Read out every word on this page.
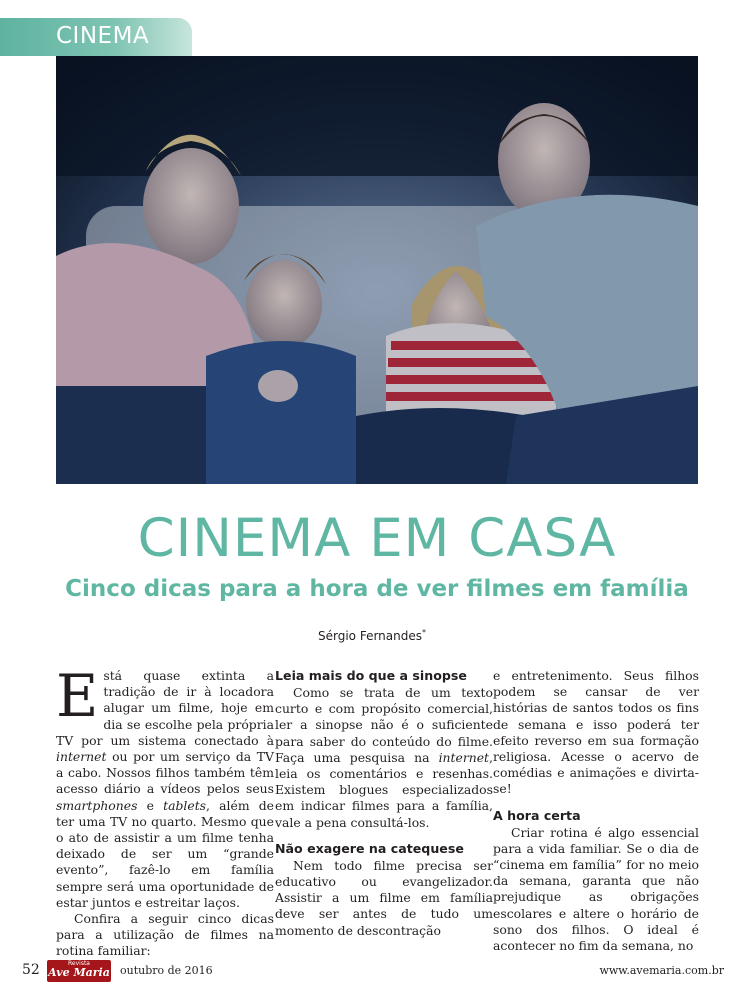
CINEMA
CINEMA EM CASA
Cinco dicas para a hora de ver filmes em família
Sérgio Fernandes*

Está quase extinta a tradição de ir à locadora alugar um filme, hoje em dia se escolhe pela própria TV por um sistema conectado à internet ou por um serviço da TV a cabo. Nossos filhos também têm acesso diário a vídeos pelos seus smartphones e tablets, além de ter uma TV no quarto. Mesmo que o ato de assistir a um filme tenha deixado de ser um “grande evento”, fazê-lo em família sempre será uma oportunidade de estar juntos e estreitar laços.

Confira a seguir cinco dicas para a utilização de filmes na rotina familiar:

Leia mais do que a sinopse

Como se trata de um texto curto e com propósito comercial, ler a sinopse não é o suficiente para saber do conteúdo do filme. Faça uma pesquisa na internet, leia os comentários e resenhas. Existem blogues especializados em indicar filmes para a família, vale a pena consultá-los.

Não exagere na catequese

Nem todo filme precisa ser educativo ou evangelizador. Assistir a um filme em família deve ser antes de tudo um momento de descontração

e entretenimento. Seus filhos podem se cansar de ver histórias de santos todos os fins de semana e isso poderá ter efeito reverso em sua formação religiosa. Acesse o acervo de comédias e animações e divirta-se!

A hora certa

Criar rotina é algo essencial para a vida familiar. Se o dia de “cinema em família” for no meio da semana, garanta que não prejudique as obrigações escolares e altere o horário de sono dos filhos. O ideal é acontecer no fim da semana, no

52	Revista
Ave Maria outubro de 2016	www.avemaria.com.br
